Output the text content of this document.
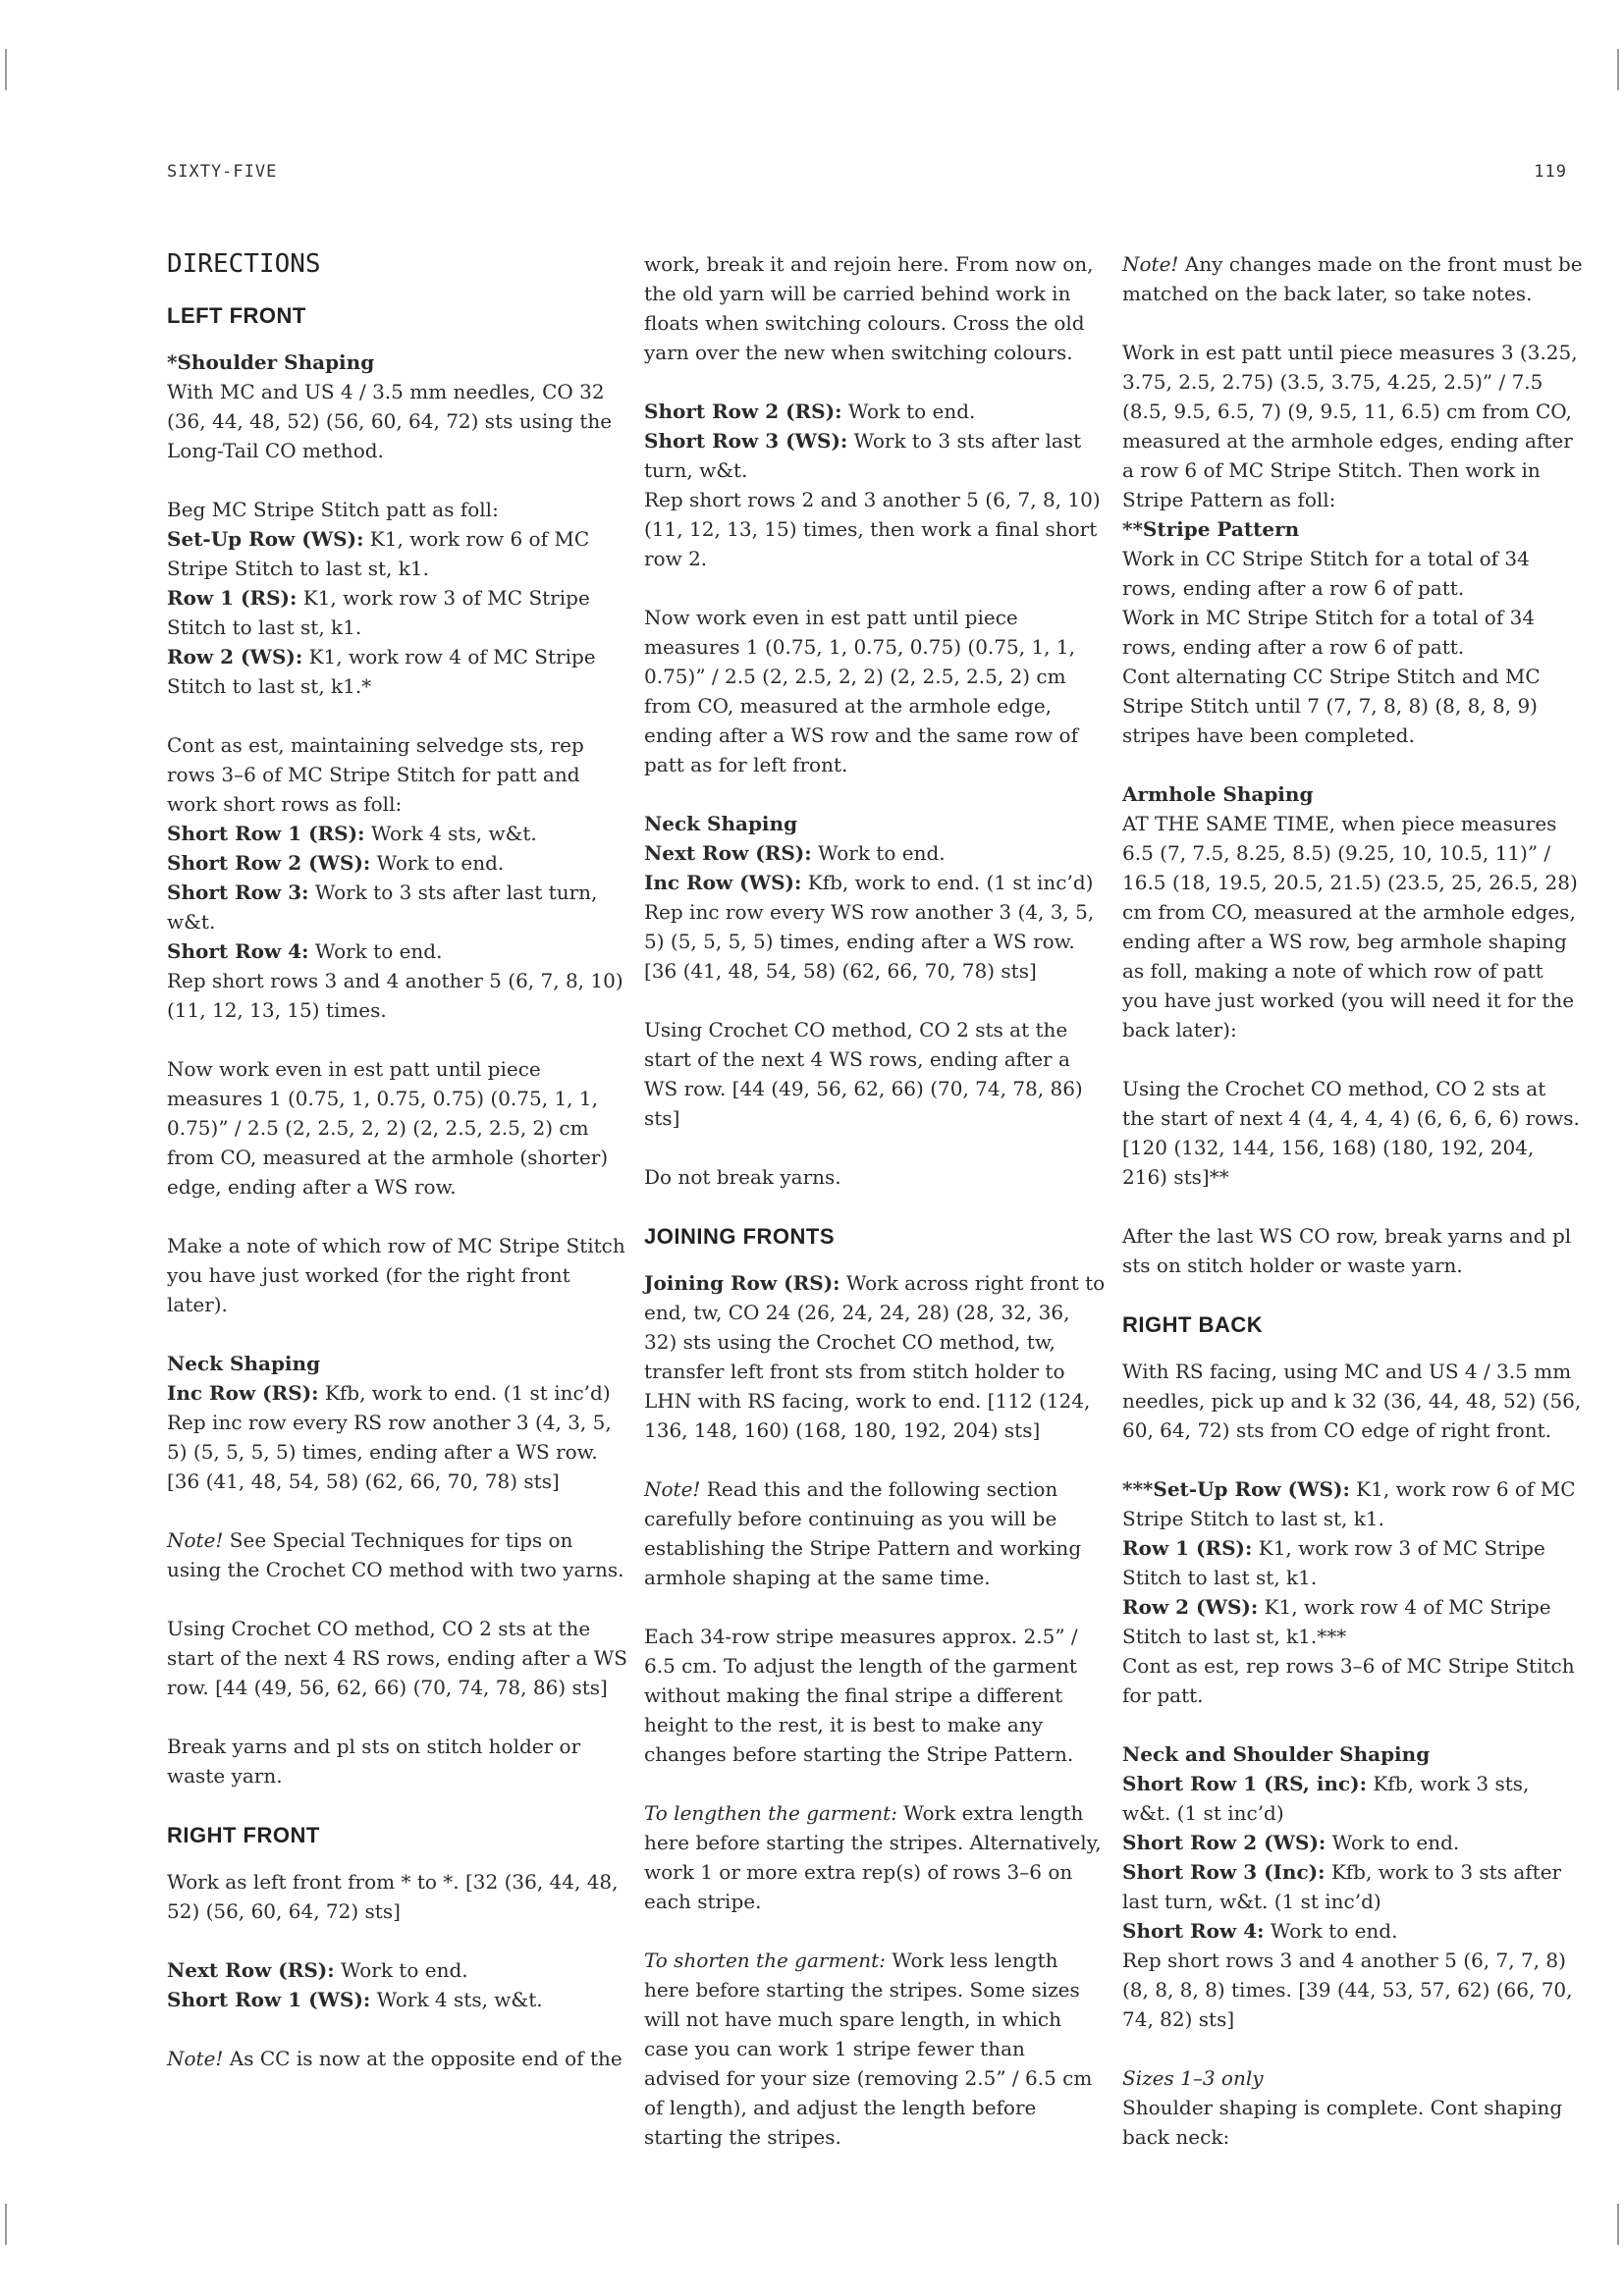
SIXTY-FIVE	119
DIRECTIONS
LEFT FRONT
*Shoulder Shaping

With MC and US 4 / 3.5 mm needles, CO 32 (36, 44, 48, 52) (56, 60, 64, 72) sts using the Long-Tail CO method.

Beg MC Stripe Stitch patt as foll:

Set-Up Row (WS): K1, work row 6 of MC Stripe Stitch to last st, k1.

Row 1 (RS): K1, work row 3 of MC Stripe Stitch to last st, k1.

Row 2 (WS): K1, work row 4 of MC Stripe Stitch to last st, k1.*

Cont as est, maintaining selvedge sts, rep rows 3–6 of MC Stripe Stitch for patt and work short rows as foll:

Short Row 1 (RS): Work 4 sts, w&t.

Short Row 2 (WS): Work to end.

Short Row 3: Work to 3 sts after last turn, w&t.

Short Row 4: Work to end.

Rep short rows 3 and 4 another 5 (6, 7, 8, 10) (11, 12, 13, 15) times.

Now work even in est patt until piece measures 1 (0.75, 1, 0.75, 0.75) (0.75, 1, 1, 0.75)” / 2.5 (2, 2.5, 2, 2) (2, 2.5, 2.5, 2) cm from CO, measured at the armhole (shorter) edge, ending after a WS row.

Make a note of which row of MC Stripe Stitch you have just worked (for the right front later).

Neck Shaping

Inc Row (RS): Kfb, work to end. (1 st inc’d)

Rep inc row every RS row another 3 (4, 3, 5, 5) (5, 5, 5, 5) times, ending after a WS row. [36 (41, 48, 54, 58) (62, 66, 70, 78) sts]

Note! See Special Techniques for tips on using the Crochet CO method with two yarns.

Using Crochet CO method, CO 2 sts at the start of the next 4 RS rows, ending after a WS row. [44 (49, 56, 62, 66) (70, 74, 78, 86) sts]

Break yarns and pl sts on stitch holder or waste yarn.

RIGHT FRONT

Work as left front from * to *. [32 (36, 44, 48, 52) (56, 60, 64, 72) sts]

Next Row (RS): Work to end.

Short Row 1 (WS): Work 4 sts, w&t.

Note! As CC is now at the opposite end of the

work, break it and rejoin here. From now on, the old yarn will be carried behind work in floats when switching colours. Cross the old yarn over the new when switching colours.

Short Row 2 (RS): Work to end.

Short Row 3 (WS): Work to 3 sts after last turn, w&t.

Rep short rows 2 and 3 another 5 (6, 7, 8, 10) (11, 12, 13, 15) times, then work a final short row 2.

Now work even in est patt until piece measures 1 (0.75, 1, 0.75, 0.75) (0.75, 1, 1, 0.75)” / 2.5 (2, 2.5, 2, 2) (2, 2.5, 2.5, 2) cm from CO, measured at the armhole edge, ending after a WS row and the same row of patt as for left front.

Neck Shaping

Next Row (RS): Work to end.

Inc Row (WS): Kfb, work to end. (1 st inc’d)

Rep inc row every WS row another 3 (4, 3, 5, 5) (5, 5, 5, 5) times, ending after a WS row. [36 (41, 48, 54, 58) (62, 66, 70, 78) sts]

Using Crochet CO method, CO 2 sts at the start of the next 4 WS rows, ending after a WS row. [44 (49, 56, 62, 66) (70, 74, 78, 86) sts]

Do not break yarns.

JOINING FRONTS

Joining Row (RS): Work across right front to end, tw, CO 24 (26, 24, 24, 28) (28, 32, 36, 32) sts using the Crochet CO method, tw, transfer left front sts from stitch holder to LHN with RS facing, work to end. [112 (124, 136, 148, 160) (168, 180, 192, 204) sts]

Note! Read this and the following section carefully before continuing as you will be establishing the Stripe Pattern and working armhole shaping at the same time.

Each 34-row stripe measures approx. 2.5” / 6.5 cm. To adjust the length of the garment without making the final stripe a different height to the rest, it is best to make any changes before starting the Stripe Pattern.

To lengthen the garment: Work extra length here before starting the stripes. Alternatively, work 1 or more extra rep(s) of rows 3–6 on each stripe.

To shorten the garment: Work less length here before starting the stripes. Some sizes will not have much spare length, in which case you can work 1 stripe fewer than advised for your size (removing 2.5” / 6.5 cm of length), and adjust the length before starting the stripes.

Note! Any changes made on the front must be matched on the back later, so take notes.

Work in est patt until piece measures 3 (3.25, 3.75, 2.5, 2.75) (3.5, 3.75, 4.25, 2.5)” / 7.5 (8.5, 9.5, 6.5, 7) (9, 9.5, 11, 6.5) cm from CO, measured at the armhole edges, ending after a row 6 of MC Stripe Stitch. Then work in Stripe Pattern as foll:

**Stripe Pattern

Work in CC Stripe Stitch for a total of 34 rows, ending after a row 6 of patt.

Work in MC Stripe Stitch for a total of 34 rows, ending after a row 6 of patt.

Cont alternating CC Stripe Stitch and MC Stripe Stitch until 7 (7, 7, 8, 8) (8, 8, 8, 9) stripes have been completed.

Armhole Shaping

AT THE SAME TIME, when piece measures 6.5 (7, 7.5, 8.25, 8.5) (9.25, 10, 10.5, 11)” / 16.5 (18, 19.5, 20.5, 21.5) (23.5, 25, 26.5, 28) cm from CO, measured at the armhole edges, ending after a WS row, beg armhole shaping as foll, making a note of which row of patt you have just worked (you will need it for the back later):

Using the Crochet CO method, CO 2 sts at the start of next 4 (4, 4, 4, 4) (6, 6, 6, 6) rows. [120 (132, 144, 156, 168) (180, 192, 204, 216) sts]**

After the last WS CO row, break yarns and pl sts on stitch holder or waste yarn.

RIGHT BACK

With RS facing, using MC and US 4 / 3.5 mm needles, pick up and k 32 (36, 44, 48, 52) (56, 60, 64, 72) sts from CO edge of right front.

***Set-Up Row (WS): K1, work row 6 of MC Stripe Stitch to last st, k1.

Row 1 (RS): K1, work row 3 of MC Stripe Stitch to last st, k1.

Row 2 (WS): K1, work row 4 of MC Stripe Stitch to last st, k1.***

Cont as est, rep rows 3–6 of MC Stripe Stitch for patt.

Neck and Shoulder Shaping

Short Row 1 (RS, inc): Kfb, work 3 sts, w&t. (1 st inc’d)

Short Row 2 (WS): Work to end.

Short Row 3 (Inc): Kfb, work to 3 sts after last turn, w&t. (1 st inc’d)

Short Row 4: Work to end.

Rep short rows 3 and 4 another 5 (6, 7, 7, 8) (8, 8, 8, 8) times. [39 (44, 53, 57, 62) (66, 70, 74, 82) sts]

Sizes 1–3 only

Shoulder shaping is complete. Cont shaping back neck:
